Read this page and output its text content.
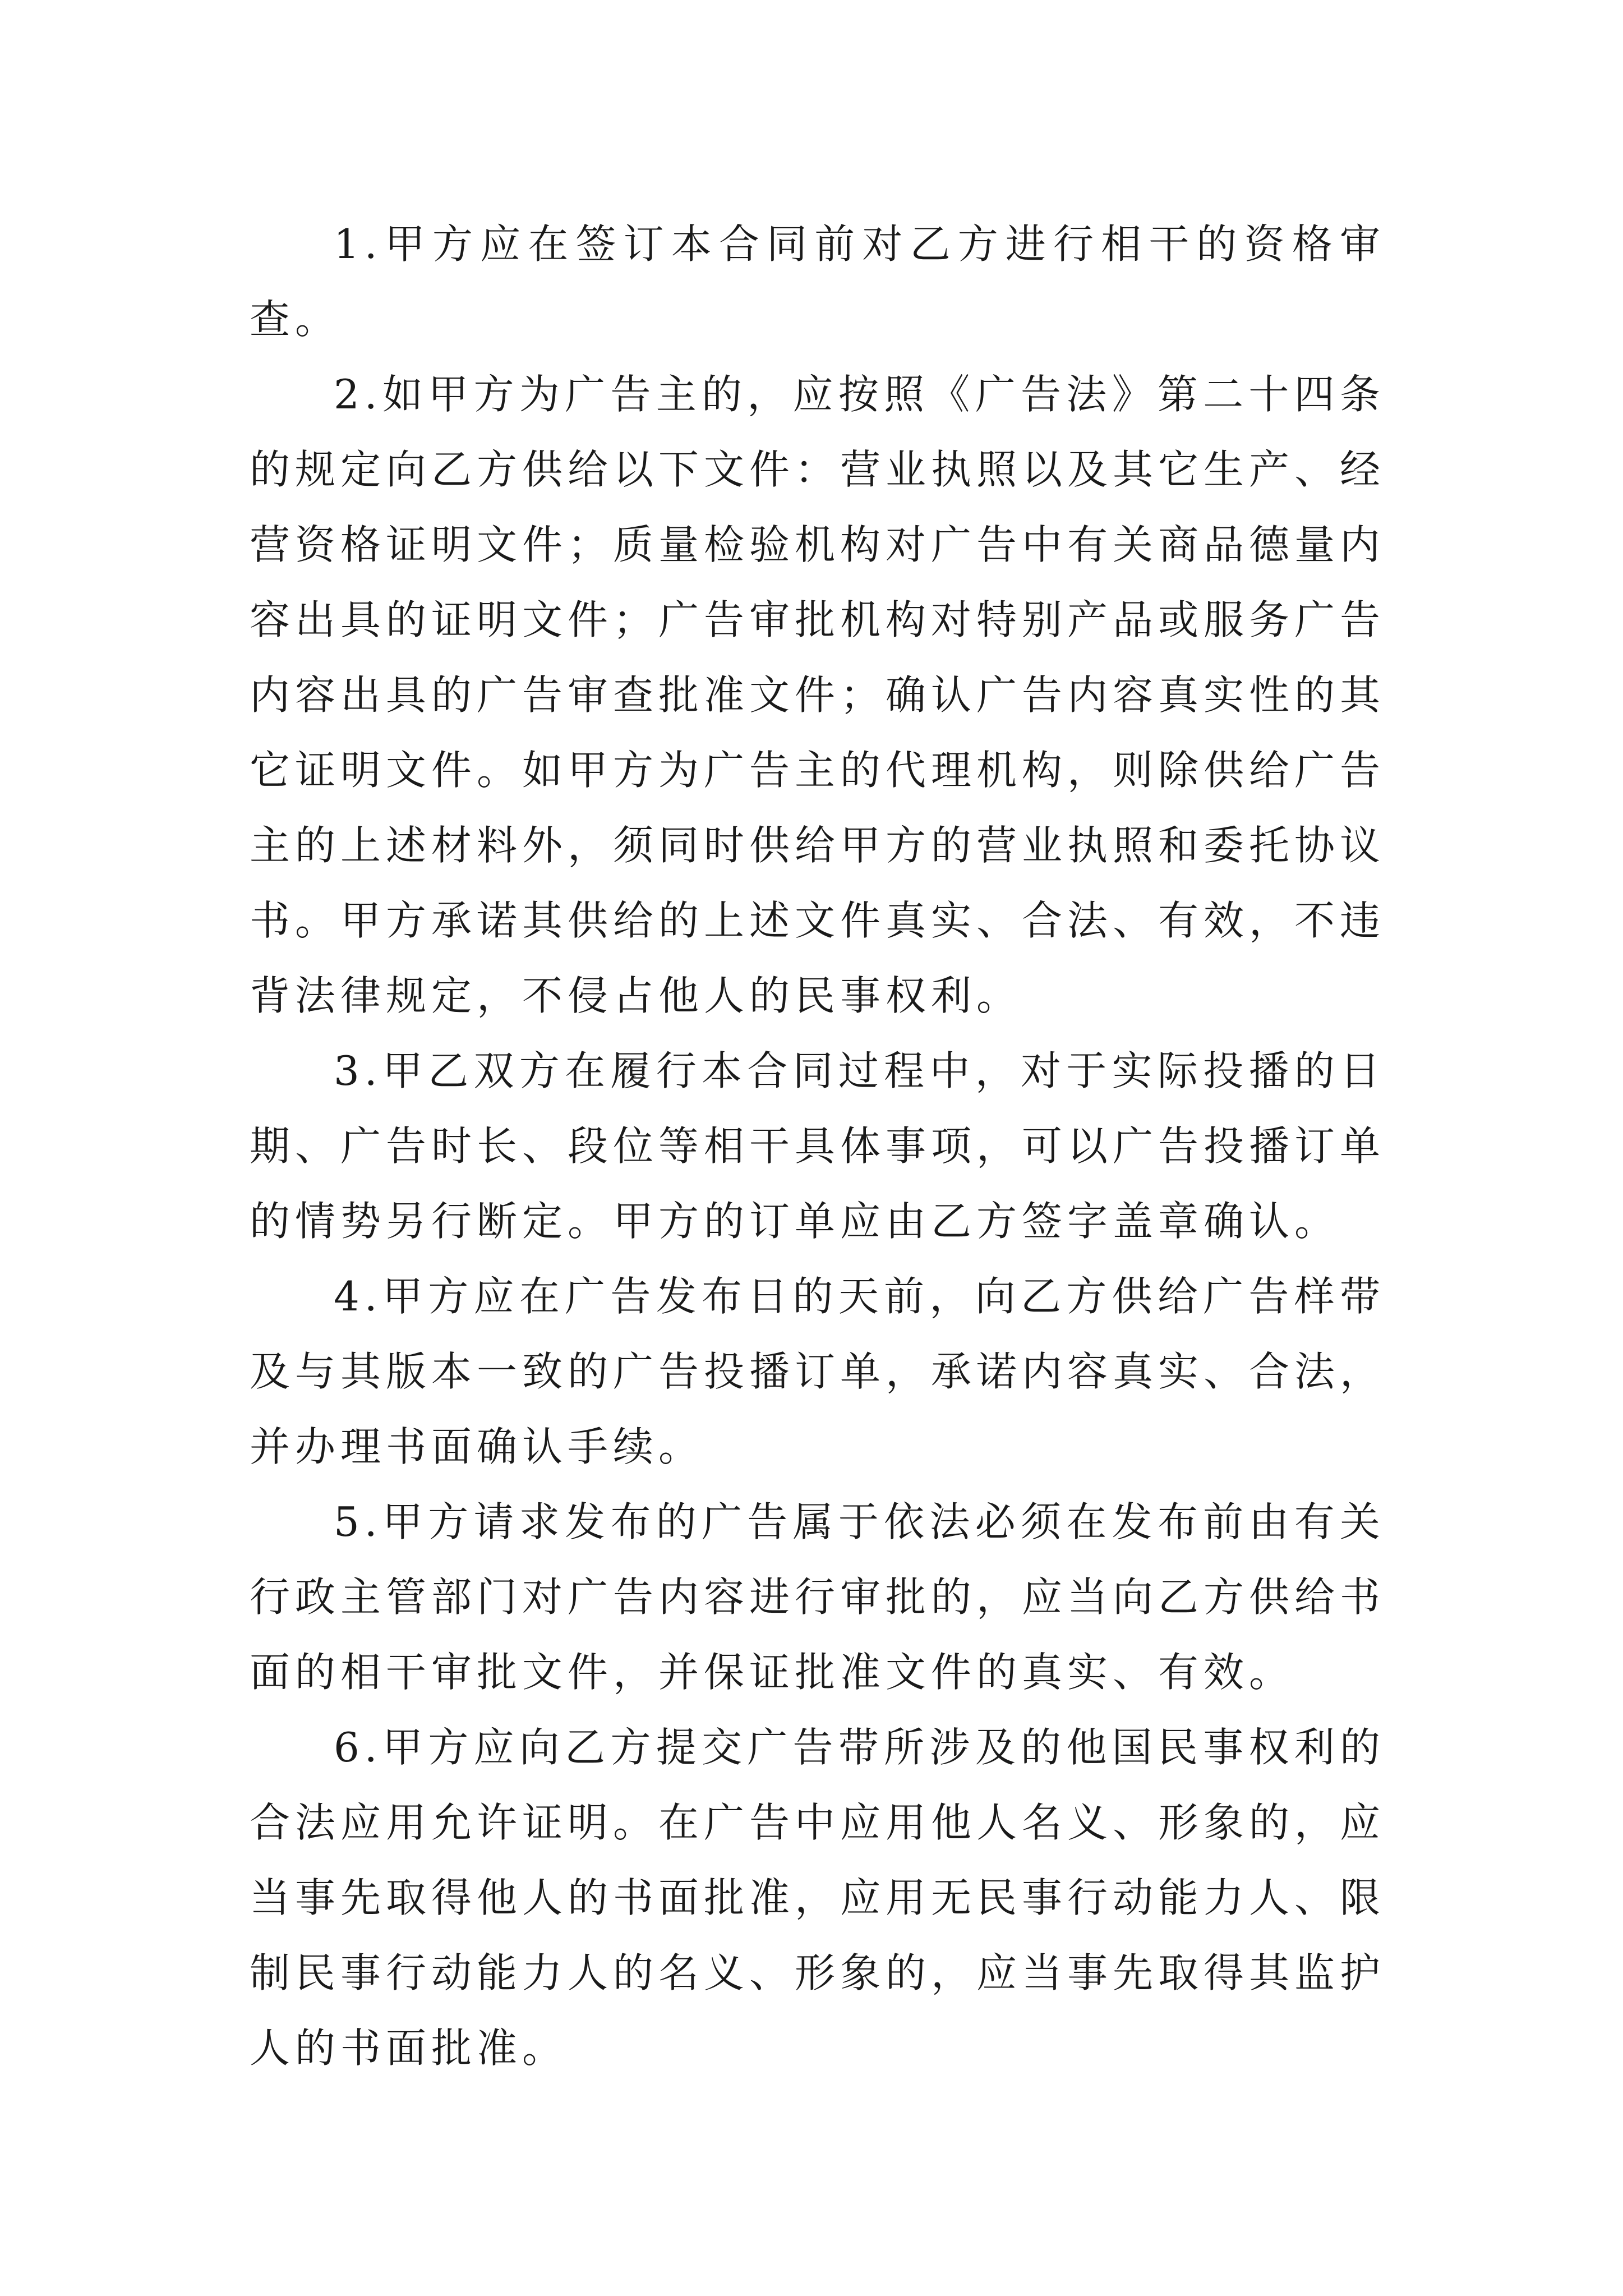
1.甲方应在签订本合同前对乙方进行相干的资格审查。

2.如甲方为广告主的，应按照《广告法》第二十四条的规定向乙方供给以下文件：营业执照以及其它生产、经营资格证明文件；质量检验机构对广告中有关商品德量内容出具的证明文件；广告审批机构对特别产品或服务广告内容出具的广告审查批准文件；确认广告内容真实性的其它证明文件。如甲方为广告主的代理机构，则除供给广告主的上述材料外，须同时供给甲方的营业执照和委托协议书。甲方承诺其供给的上述文件真实、合法、有效，不违背法律规定，不侵占他人的民事权利。

3.甲乙双方在履行本合同过程中，对于实际投播的日期、广告时长、段位等相干具体事项，可以广告投播订单的情势另行断定。甲方的订单应由乙方签字盖章确认。

4.甲方应在广告发布日的天前，向乙方供给广告样带及与其版本一致的广告投播订单，承诺内容真实、合法，并办理书面确认手续。

5.甲方请求发布的广告属于依法必须在发布前由有关行政主管部门对广告内容进行审批的，应当向乙方供给书面的相干审批文件，并保证批准文件的真实、有效。

6.甲方应向乙方提交广告带所涉及的他国民事权利的合法应用允许证明。在广告中应用他人名义、形象的，应当事先取得他人的书面批准，应用无民事行动能力人、限制民事行动能力人的名义、形象的，应当事先取得其监护人的书面批准。
